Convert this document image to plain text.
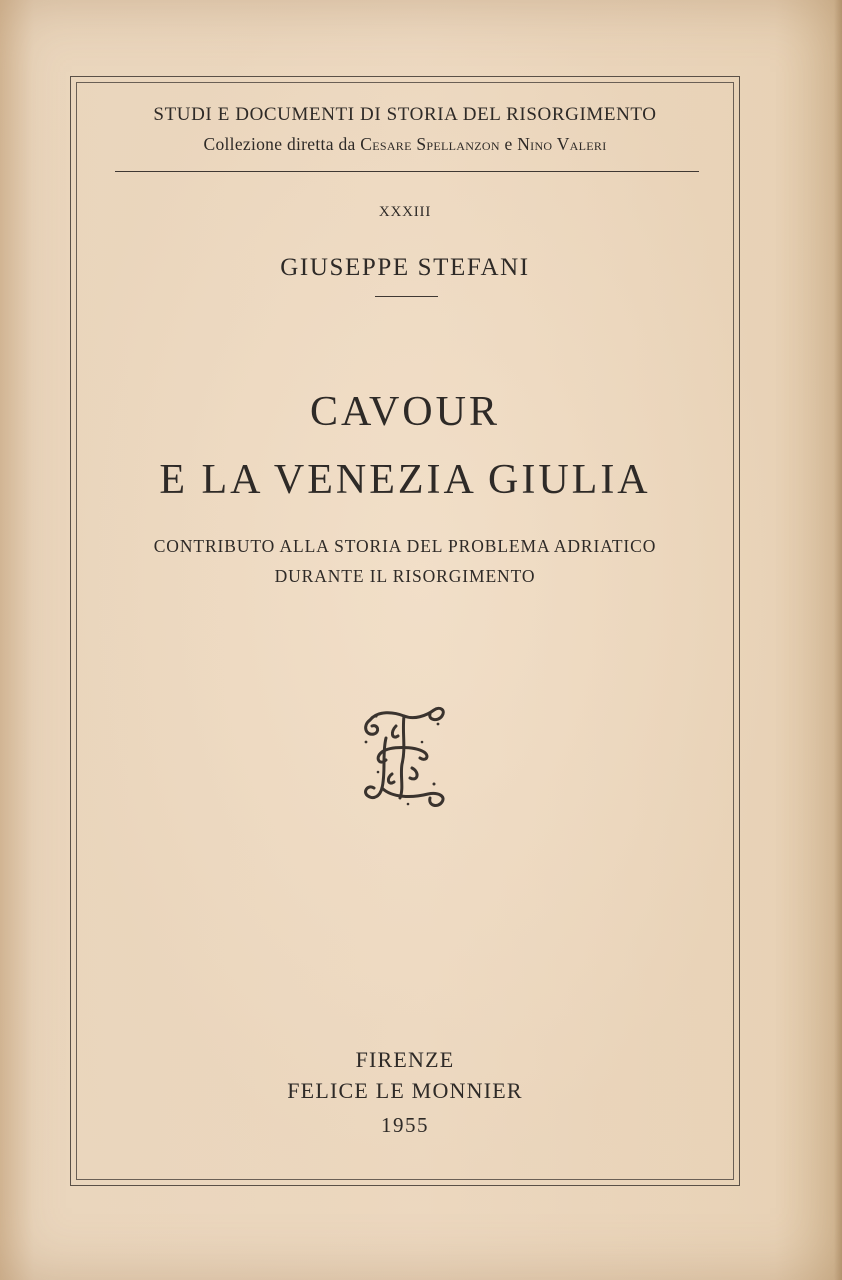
STUDI E DOCUMENTI DI STORIA DEL RISORGIMENTO
Collezione diretta da Cesare Spellanzon e Nino Valeri
XXXIII
GIUSEPPE STEFANI
CAVOUR
E LA VENEZIA GIULIA
CONTRIBUTO ALLA STORIA DEL PROBLEMA ADRIATICO
DURANTE IL RISORGIMENTO
FIRENZE
FELICE LE MONNIER
1955
